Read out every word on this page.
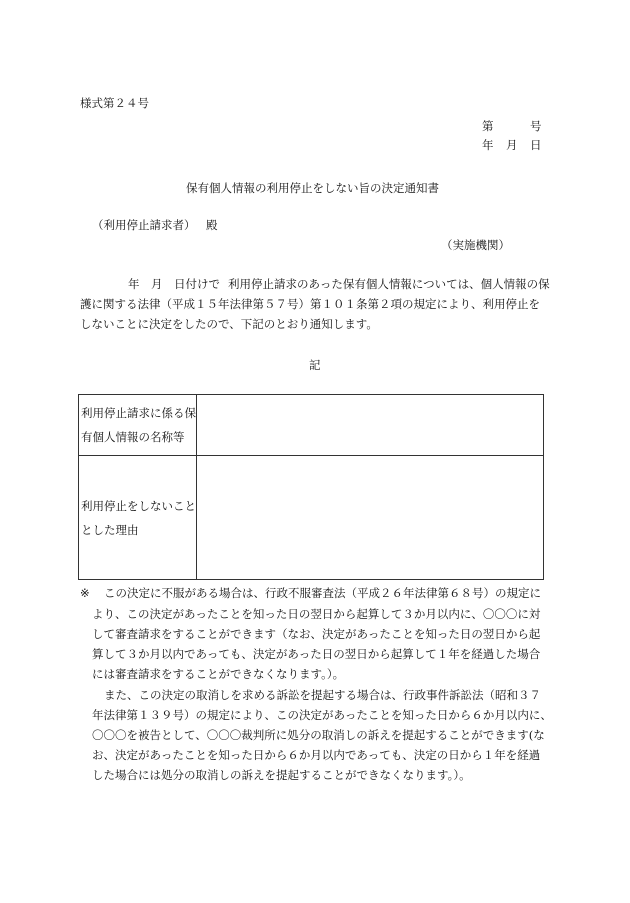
様式第２４号
第	号
年 月 日
保有個人情報の利用停止をしない旨の決定通知書
（利用停止請求者） 殿
（実施機関）
年　月　日付けで 利用停止請求のあった保有個人情報については、個人情報の保
護に関する法律（平成１５年法律第５７号）第１０１条第２項の規定により、利用停止を
しないことに決定をしたので、下記のとおり通知します。
記
利用停止請求に係る保
有個人情報の名称等	

利用停止をしないこと
とした理由	

※ この決定に不服がある場合は、行政不服審査法（平成２６年法律第６８号）の規定に
より、この決定があったことを知った日の翌日から起算して３か月以内に、〇〇〇に対
して審査請求をすることができます（なお、決定があったことを知った日の翌日から起
算して３か月以内であっても、決定があった日の翌日から起算して１年を経過した場合
には審査請求をすることができなくなります。）。
また、この決定の取消しを求める訴訟を提起する場合は、行政事件訴訟法（昭和３７
年法律第１３９号）の規定により、この決定があったことを知った日から６か月以内に、
〇〇〇を被告として、〇〇〇裁判所に処分の取消しの訴えを提起することができます(な
お、決定があったことを知った日から６か月以内であっても、決定の日から１年を経過
した場合には処分の取消しの訴えを提起することができなくなります。）。
